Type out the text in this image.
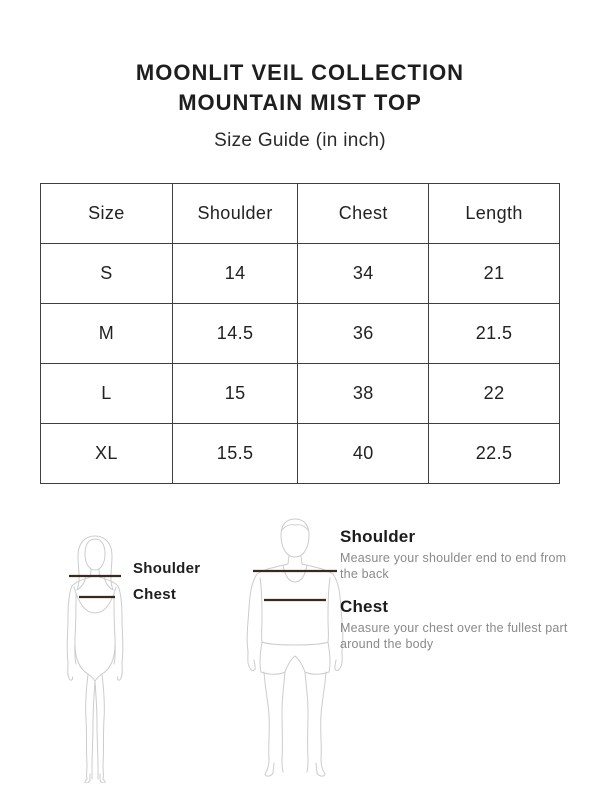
MOONLIT VEIL COLLECTION
MOUNTAIN MIST TOP
Size Guide (in inch)
Size	Shoulder	Chest	Length
S	14	34	21
M	14.5	36	21.5
L	15	38	22
XL	15.5	40	22.5
Shoulder
Chest
Shoulder
Measure your shoulder end to end from the back
Chest
Measure your chest over the fullest part around the body
